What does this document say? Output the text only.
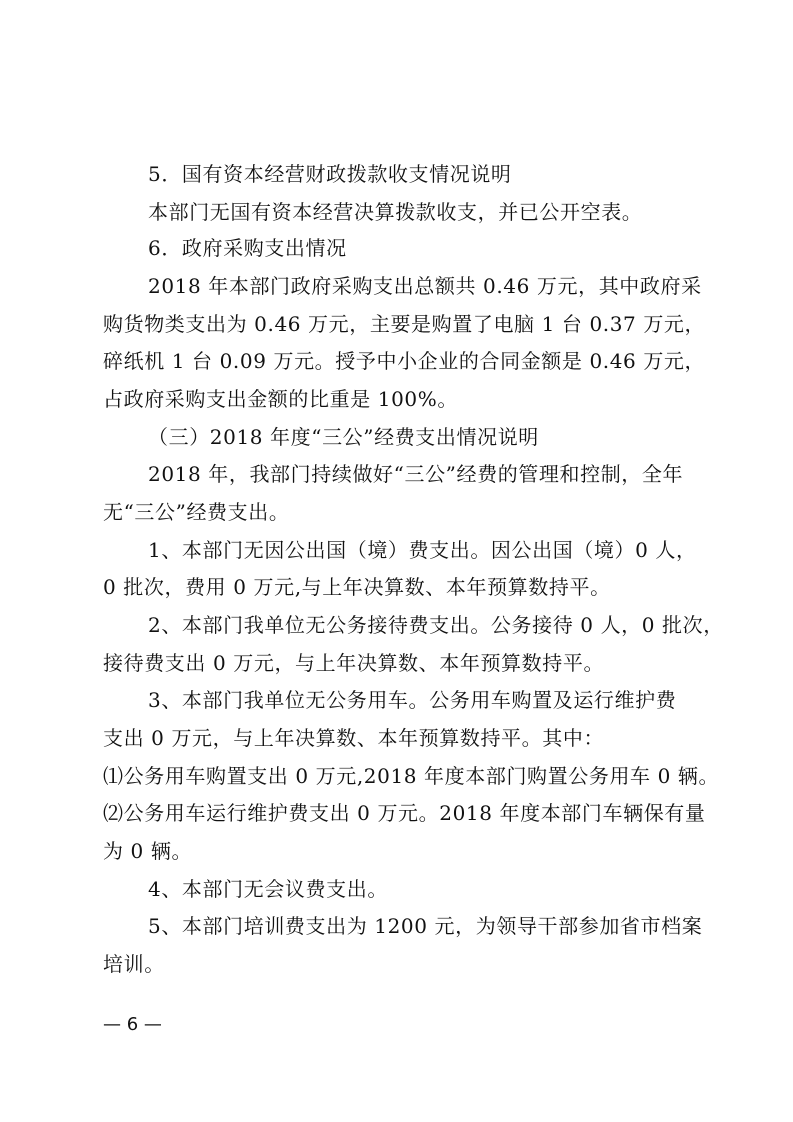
5．国有资本经营财政拨款收支情况说明
本部门无国有资本经营决算拨款收支，并已公开空表。
6．政府采购支出情况
2018 年本部门政府采购支出总额共 0.46 万元，其中政府采
购货物类支出为 0.46 万元，主要是购置了电脑 1 台 0.37 万元，
碎纸机 1 台 0.09 万元。授予中小企业的合同金额是 0.46 万元，
占政府采购支出金额的比重是 100%。
（三）2018 年度“三公”经费支出情况说明
2018 年，我部门持续做好“三公”经费的管理和控制，全年
无“三公”经费支出。
1、本部门无因公出国（境）费支出。因公出国（境）0 人，
0 批次，费用 0 万元,与上年决算数、本年预算数持平。
2、本部门我单位无公务接待费支出。公务接待 0 人，0 批次，
接待费支出 0 万元，与上年决算数、本年预算数持平。
3、本部门我单位无公务用车。公务用车购置及运行维护费
支出 0 万元，与上年决算数、本年预算数持平。其中：
⑴公务用车购置支出 0 万元,2018 年度本部门购置公务用车 0 辆。
⑵公务用车运行维护费支出 0 万元。2018 年度本部门车辆保有量
为 0 辆。
4、本部门无会议费支出。
5、本部门培训费支出为 1200 元，为领导干部参加省市档案
培训。
— 6 —
